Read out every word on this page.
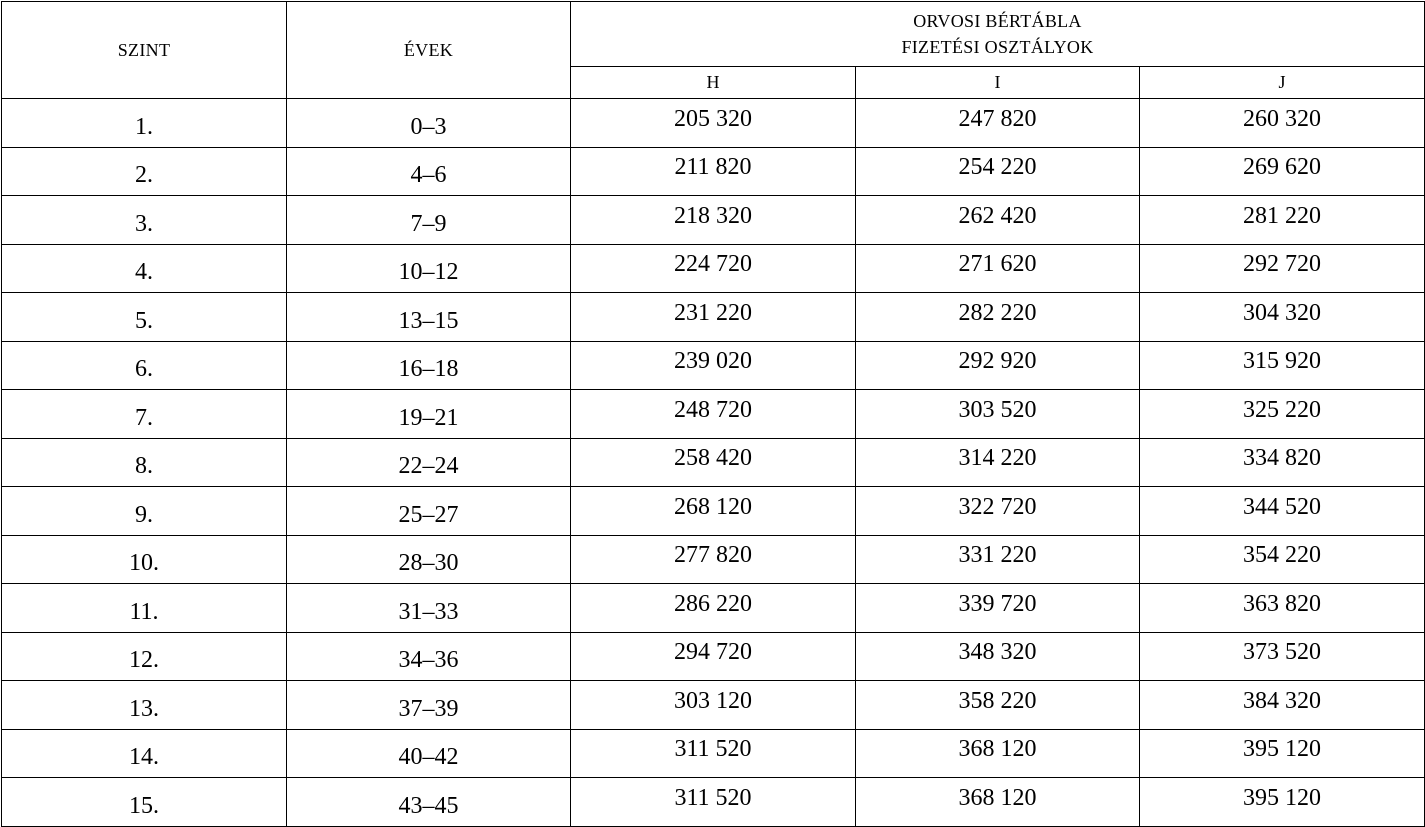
SZINT	ÉVEK	ORVOSI BÉRTÁBLA
FIZETÉSI OSZTÁLYOK		

		H	I	J
1.	0–3	205 320	247 820	260 320
2.	4–6	211 820	254 220	269 620
3.	7–9	218 320	262 420	281 220
4.	10–12	224 720	271 620	292 720
5.	13–15	231 220	282 220	304 320
6.	16–18	239 020	292 920	315 920
7.	19–21	248 720	303 520	325 220
8.	22–24	258 420	314 220	334 820
9.	25–27	268 120	322 720	344 520
10.	28–30	277 820	331 220	354 220
11.	31–33	286 220	339 720	363 820
12.	34–36	294 720	348 320	373 520
13.	37–39	303 120	358 220	384 320
14.	40–42	311 520	368 120	395 120
15.	43–45	311 520	368 120	395 120
